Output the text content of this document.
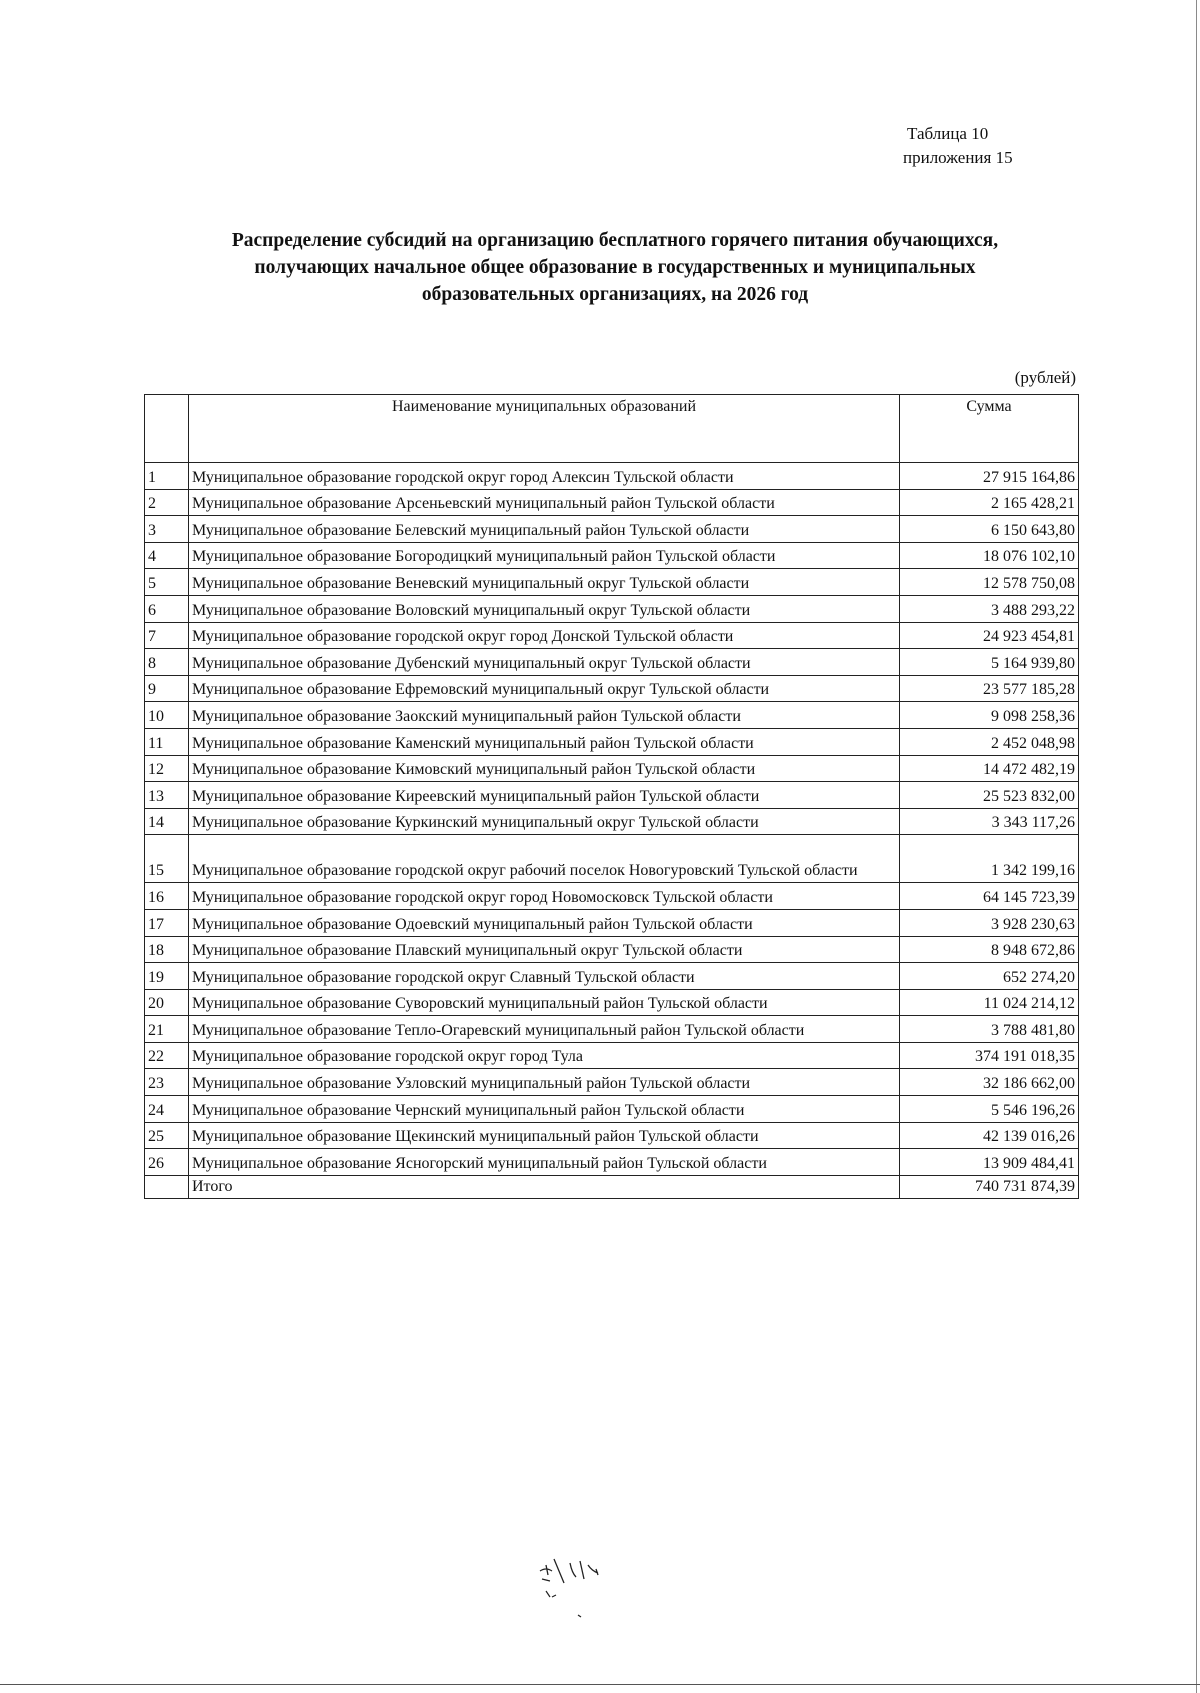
Таблица 10
приложения 15
Распределение субсидий на организацию бесплатного горячего питания обучающихся,
получающих начальное общее образование в государственных и муниципальных
образовательных организациях, на 2026 год
(рублей)
	Наименование муниципальных образований	Сумма
1	Муниципальное образование городской округ город Алексин Тульской области	27 915 164,86
2	Муниципальное образование Арсеньевский муниципальный район Тульской области	2 165 428,21
3	Муниципальное образование Белевский муниципальный район Тульской области	6 150 643,80
4	Муниципальное образование Богородицкий муниципальный район Тульской области	18 076 102,10
5	Муниципальное образование Веневский муниципальный округ Тульской области	12 578 750,08
6	Муниципальное образование Воловский муниципальный округ Тульской области	3 488 293,22
7	Муниципальное образование городской округ город Донской Тульской области	24 923 454,81
8	Муниципальное образование Дубенский муниципальный округ Тульской области	5 164 939,80
9	Муниципальное образование Ефремовский муниципальный округ Тульской области	23 577 185,28
10	Муниципальное образование Заокский муниципальный район Тульской области	9 098 258,36
11	Муниципальное образование Каменский муниципальный район Тульской области	2 452 048,98
12	Муниципальное образование Кимовский муниципальный район Тульской области	14 472 482,19
13	Муниципальное образование Киреевский муниципальный район Тульской области	25 523 832,00
14	Муниципальное образование Куркинский муниципальный округ Тульской области	3 343 117,26
15	Муниципальное образование городской округ рабочий поселок Новогуровский Тульской области	1 342 199,16
16	Муниципальное образование городской округ город Новомосковск Тульской области	64 145 723,39
17	Муниципальное образование Одоевский муниципальный район Тульской области	3 928 230,63
18	Муниципальное образование Плавский муниципальный округ Тульской области	8 948 672,86
19	Муниципальное образование городской округ Славный Тульской области	652 274,20
20	Муниципальное образование Суворовский муниципальный район Тульской области	11 024 214,12
21	Муниципальное образование Тепло-Огаревский муниципальный район Тульской области	3 788 481,80
22	Муниципальное образование городской округ город Тула	374 191 018,35
23	Муниципальное образование Узловский муниципальный район Тульской области	32 186 662,00
24	Муниципальное образование Чернский муниципальный район Тульской области	5 546 196,26
25	Муниципальное образование Щекинский муниципальный район Тульской области	42 139 016,26
26	Муниципальное образование Ясногорский муниципальный район Тульской области	13 909 484,41
	Итого	740 731 874,39
